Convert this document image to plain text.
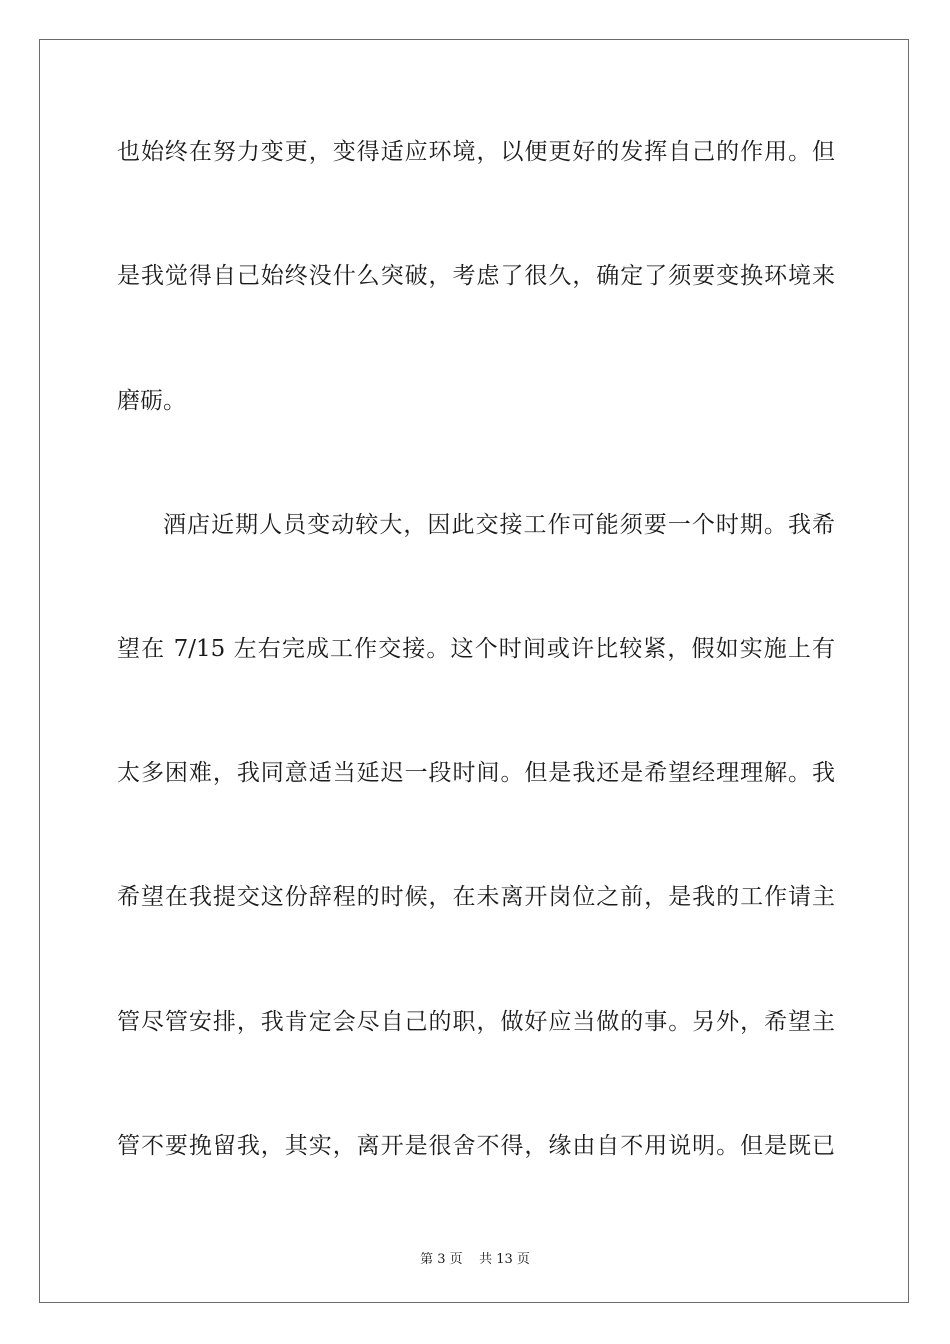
也始终在努力变更，变得适应环境，以便更好的发挥自己的作用。但
是我觉得自己始终没什么突破，考虑了很久，确定了须要变换环境来
磨砺。
酒店近期人员变动较大，因此交接工作可能须要一个时期。我希
望在 7/15 左右完成工作交接。这个时间或许比较紧，假如实施上有
太多困难，我同意适当延迟一段时间。但是我还是希望经理理解。我
希望在我提交这份辞程的时候，在未离开岗位之前，是我的工作请主
管尽管安排，我肯定会尽自己的职，做好应当做的事。另外，希望主
管不要挽留我，其实，离开是很舍不得，缘由自不用说明。但是既已
第 3 页    共 13 页
